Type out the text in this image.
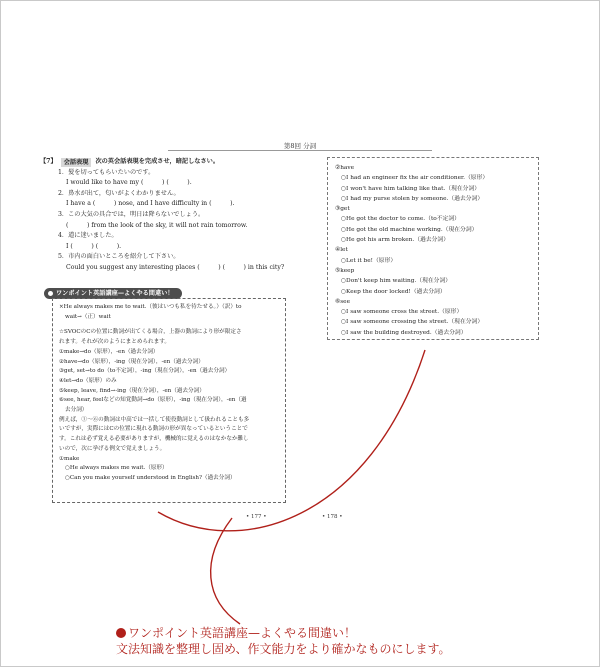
第8回 分詞
【7】	会話表現	次の英会話表現を完成させ，暗記しなさい。
1．髪を切ってもらいたいのです。
I would like to have my (　　　) (　　　).
2．鼻水が出て，匂いがよくわかりません。
I have a (　　　) nose, and I have difficulty in (　　　).
3．この大気の具合では，明日は降らないでしょう。
(　　　) from the look of the sky, it will not rain tomorrow.
4．道に迷いました。
I (　　　) (　　　).
5．市内の面白いところを紹介して下さい。
Could you suggest any interesting places (　　　) (　　　) in this city?
ワンポイント英語講座—よくやる間違い！
×He always makes me to wait.（彼はいつも私を待たせる。）（訳）to
wait→（正）wait
☆SVOCのCの位置に動詞が出てくる場合，上器の動詞により形が限定さ
れます。それが次のようにまとめられます。
①make→do（原形），-en（過去分詞）
②have→do（原形），-ing（現在分詞），-en（過去分詞）
③get, set→to do（to不定詞），-ing（現在分詞），-en（過去分詞）
④let→do（原形）のみ
⑤keep, leave, find→-ing（現在分詞），-en（過去分詞）
⑥see, hear, feelなどの知覚動詞→do（原形），-ing（現在分詞），-en（過
去分詞）
例えば，①〜⑥の動詞は中高では一括して使役動詞として扱われることも多
いですが，実際にはCの位置に現れる動詞の形が異なっているということで
す。これは必ず覚える必要がありますが，機械的に覚えるのはなかなか難し
いので，次に挙げる例文で覚えましょう。
①make
○He always makes me wait.（原形）
○Can you make yourself understood in English?（過去分詞）
②have
○I had an engineer fix the air conditioner.（原形）
○I won't have him talking like that.（現在分詞）
○I had my purse stolen by someone.（過去分詞）
③get
○He got the doctor to come.（to不定詞）
○He got the old machine working.（現在分詞）
○He got his arm broken.（過去分詞）
④let
○Let it be!（原形）
⑤keep
○Don't keep him waiting.（現在分詞）
○Keep the door locked!（過去分詞）
⑥see
○I saw someone cross the street.（原形）
○I saw someone crossing the street.（現在分詞）
○I saw the building destroyed.（過去分詞）
• 177 •	• 178 •
ワンポイント英語講座—よくやる間違い！
文法知識を整理し固め、作文能力をより確かなものにします。
